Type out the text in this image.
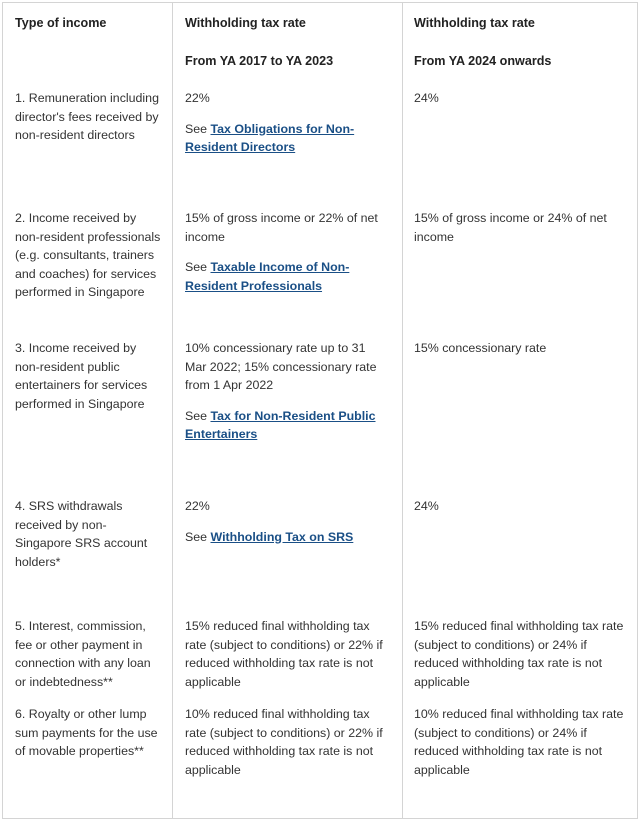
Type of income	Withholding tax rate
From YA 2017 to YA 2023
Withholding tax rate
From YA 2024 onwards
1. Remuneration including director's fees received by non-resident directors
22%
See Tax Obligations for Non-Resident Directors
24%
2. Income received by non-resident professionals (e.g. consultants, trainers and coaches) for services performed in Singapore
15% of gross income or 22% of net income
See Taxable Income of Non-Resident Professionals
15% of gross income or 24% of net income
3. Income received by non-resident public entertainers for services performed in Singapore
10% concessionary rate up to 31 Mar 2022; 15% concessionary rate from 1 Apr 2022
See Tax for Non-Resident Public Entertainers
15% concessionary rate
4. SRS withdrawals received by non-Singapore SRS account holders*
22%
See Withholding Tax on SRS
24%
5. Interest, commission, fee or other payment in connection with any loan or indebtedness**
15% reduced final withholding tax rate (subject to conditions) or 22% if reduced withholding tax rate is not applicable
15% reduced final withholding tax rate (subject to conditions) or 24% if reduced withholding tax rate is not applicable
6. Royalty or other lump sum payments for the use of movable properties**
10% reduced final withholding tax rate (subject to conditions) or 22% if reduced withholding tax rate is not applicable
10% reduced final withholding tax rate (subject to conditions) or 24% if reduced withholding tax rate is not applicable
